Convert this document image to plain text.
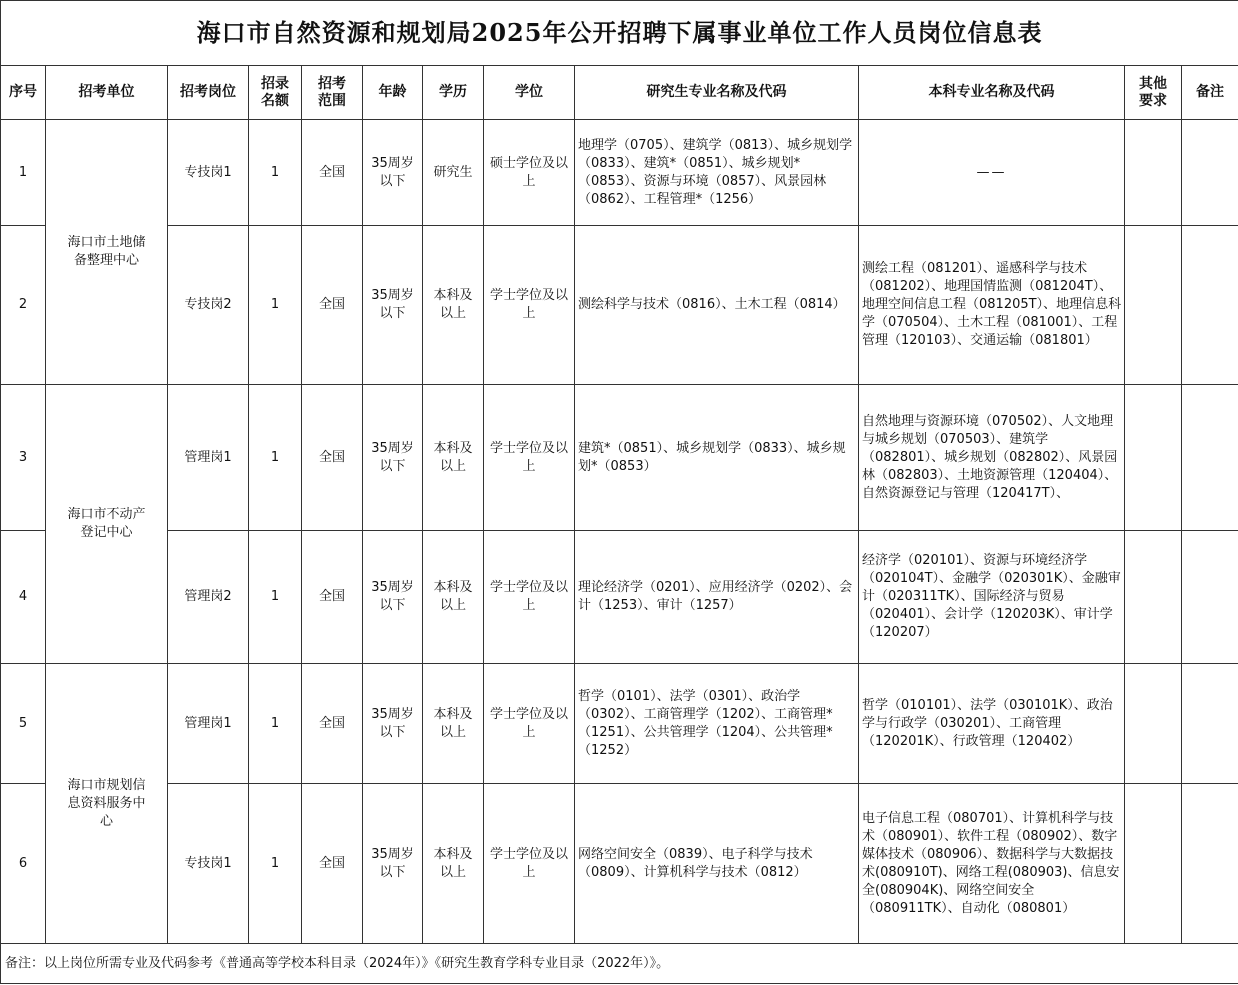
海口市自然资源和规划局2025年公开招聘下属事业单位工作人员岗位信息表											
序号	招考单位	招考岗位	招录名额	招考范围	年龄	学历	学位	研究生专业名称及代码	本科专业名称及代码	其他要求	备注
1	海口市土地储备整理中心	专技岗1	1	全国	35周岁以下	研究生	硕士学位及以上	地理学（0705）、建筑学（0813）、城乡规划学（0833）、建筑*（0851）、城乡规划*（0853）、资源与环境（0857）、风景园林（0862）、工程管理*（1256）	——		
2		专技岗2	1	全国	35周岁以下	本科及以上	学士学位及以上	测绘科学与技术（0816）、土木工程（0814）	测绘工程（081201）、遥感科学与技术（081202）、地理国情监测（081204T）、地理空间信息工程（081205T）、地理信息科学（070504）、土木工程（081001）、工程管理（120103）、交通运输（081801）		
3	海口市不动产登记中心	管理岗1	1	全国	35周岁以下	本科及以上	学士学位及以上	建筑*（0851）、城乡规划学（0833）、城乡规划*（0853）	自然地理与资源环境（070502）、人文地理与城乡规划（070503）、建筑学（082801）、城乡规划（082802）、风景园林（082803）、土地资源管理（120404）、自然资源登记与管理（120417T）、		
4		管理岗2	1	全国	35周岁以下	本科及以上	学士学位及以上	理论经济学（0201）、应用经济学（0202）、会计（1253）、审计（1257）	经济学（020101）、资源与环境经济学（020104T）、金融学（020301K）、金融审计（020311TK）、国际经济与贸易（020401）、会计学（120203K）、审计学（120207）		
5	海口市规划信息资料服务中心	管理岗1	1	全国	35周岁以下	本科及以上	学士学位及以上	哲学（0101）、法学（0301）、政治学（0302）、工商管理学（1202）、工商管理*（1251）、公共管理学（1204）、公共管理*（1252）	哲学（010101）、法学（030101K）、政治学与行政学（030201）、工商管理（120201K）、行政管理（120402）		
6		专技岗1	1	全国	35周岁以下	本科及以上	学士学位及以上	网络空间安全（0839）、电子科学与技术（0809）、计算机科学与技术（0812）	电子信息工程（080701）、计算机科学与技术（080901）、软件工程（080902）、数字媒体技术（080906）、数据科学与大数据技术(080910T)、网络工程(080903)、信息安全(080904K)、网络空间安全（080911TK）、自动化（080801）		
备注：以上岗位所需专业及代码参考《普通高等学校本科目录（2024年）》《研究生教育学科专业目录（2022年）》。											
